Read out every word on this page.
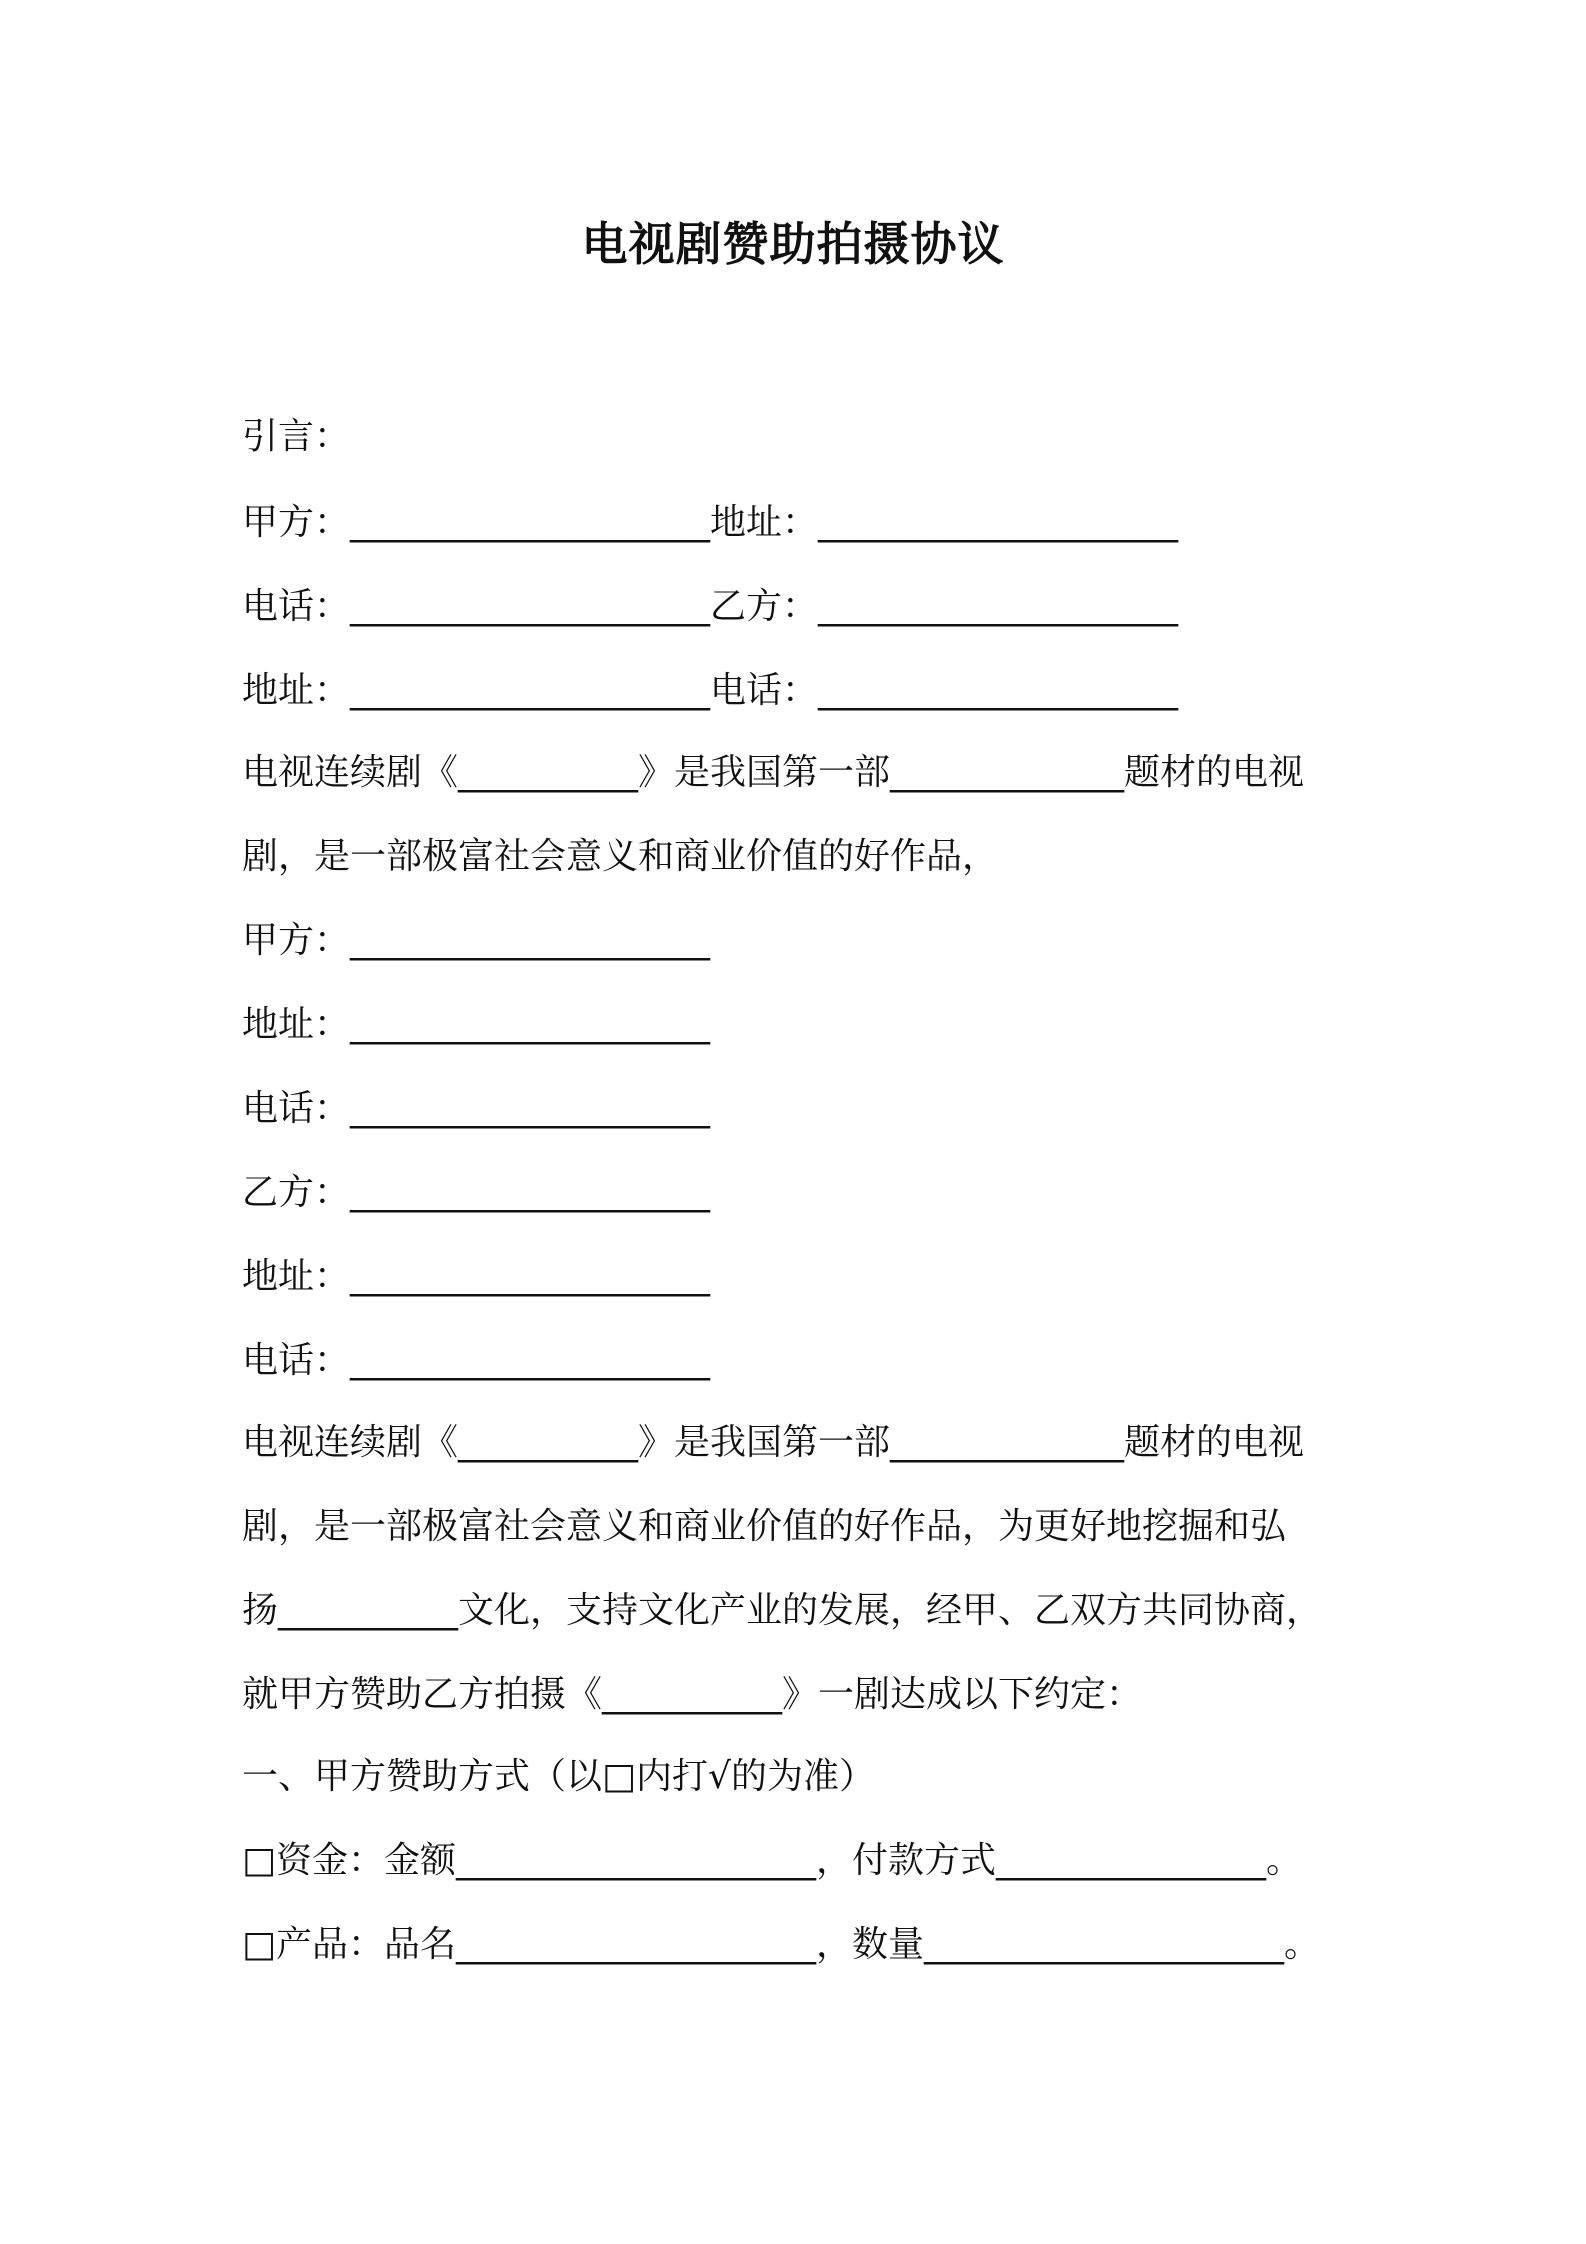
电视剧赞助拍摄协议
引言：
甲方：____________________地址：____________________
电话：____________________乙方：____________________
地址：____________________电话：____________________
电视连续剧《__________》是我国第一部_____________题材的电视
剧，是一部极富社会意义和商业价值的好作品，
甲方：____________________
地址：____________________
电话：____________________
乙方：____________________
地址：____________________
电话：____________________
电视连续剧《__________》是我国第一部_____________题材的电视
剧，是一部极富社会意义和商业价值的好作品，为更好地挖掘和弘
扬__________文化，支持文化产业的发展，经甲、乙双方共同协商，
就甲方赞助乙方拍摄《__________》一剧达成以下约定：
一、甲方赞助方式（以□内打√的为准）
□资金：金额____________________，付款方式_______________。
□产品：品名____________________，数量____________________。
